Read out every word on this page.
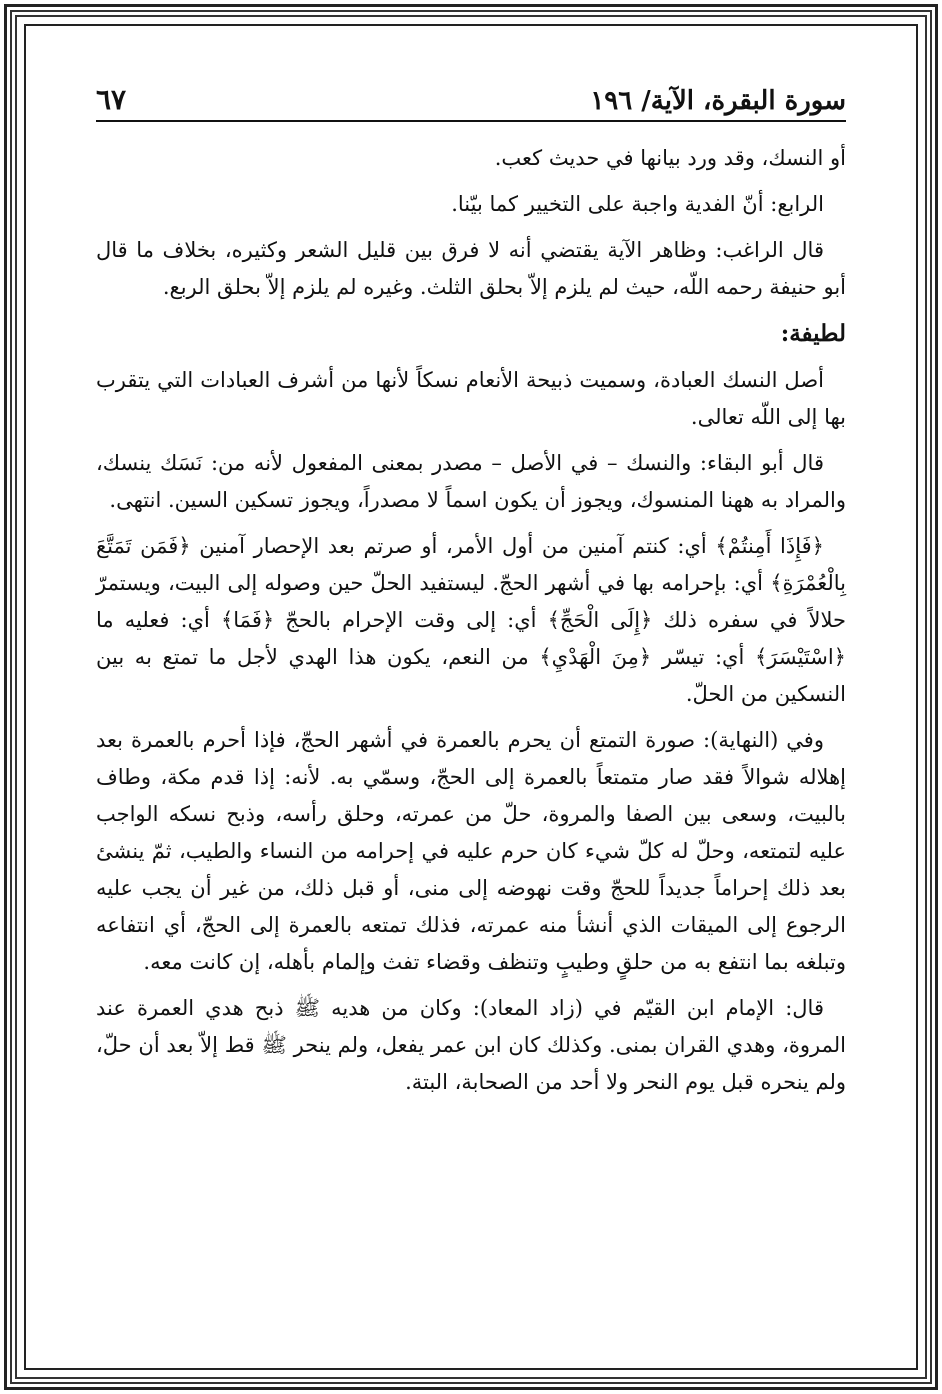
سورة البقرة، الآية/ ١٩٦
٦٧

أو النسك، وقد ورد بيانها في حديث كعب.

الرابع: أنّ الفدية واجبة على التخيير كما بيّنا.

قال الراغب: وظاهر الآية يقتضي أنه لا فرق بين قليل الشعر وكثيره، بخلاف ما قال أبو حنيفة رحمه اللّه، حيث لم يلزم إلاّ بحلق الثلث. وغيره لم يلزم إلاّ بحلق الربع.

لطيفة:

أصل النسك العبادة، وسميت ذبيحة الأنعام نسكاً لأنها من أشرف العبادات التي يتقرب بها إلى اللّه تعالى.

قال أبو البقاء: والنسك – في الأصل – مصدر بمعنى المفعول لأنه من: نَسَك ينسك، والمراد به ههنا المنسوك، ويجوز أن يكون اسماً لا مصدراً، ويجوز تسكين السين. انتهى.

﴿فَإِذَا أَمِنتُمْ﴾ أي: كنتم آمنين من أول الأمر، أو صرتم بعد الإحصار آمنين ﴿فَمَن تَمَتَّعَ بِالْعُمْرَةِ﴾ أي: بإحرامه بها في أشهر الحجّ. ليستفيد الحلّ حين وصوله إلى البيت، ويستمرّ حلالاً في سفره ذلك ﴿إِلَى الْحَجِّ﴾ أي: إلى وقت الإحرام بالحجّ ﴿فَمَا﴾ أي: فعليه ما ﴿اسْتَيْسَرَ﴾ أي: تيسّر ﴿مِنَ الْهَدْيِ﴾ من النعم، يكون هذا الهدي لأجل ما تمتع به بين النسكين من الحلّ.

وفي (النهاية): صورة التمتع أن يحرم بالعمرة في أشهر الحجّ، فإذا أحرم بالعمرة بعد إهلاله شوالاً فقد صار متمتعاً بالعمرة إلى الحجّ، وسمّي به. لأنه: إذا قدم مكة، وطاف بالبيت، وسعى بين الصفا والمروة، حلّ من عمرته، وحلق رأسه، وذبح نسكه الواجب عليه لتمتعه، وحلّ له كلّ شيء كان حرم عليه في إحرامه من النساء والطيب، ثمّ ينشئ بعد ذلك إحراماً جديداً للحجّ وقت نهوضه إلى منى، أو قبل ذلك، من غير أن يجب عليه الرجوع إلى الميقات الذي أنشأ منه عمرته، فذلك تمتعه بالعمرة إلى الحجّ، أي انتفاعه وتبلغه بما انتفع به من حلقٍ وطيبٍ وتنظف وقضاء تفث وإلمام بأهله، إن كانت معه.

قال: الإمام ابن القيّم في (زاد المعاد): وكان من هديه ﷺ ذبح هدي العمرة عند المروة، وهدي القران بمنى. وكذلك كان ابن عمر يفعل، ولم ينحر ﷺ قط إلاّ بعد أن حلّ، ولم ينحره قبل يوم النحر ولا أحد من الصحابة، البتة.
